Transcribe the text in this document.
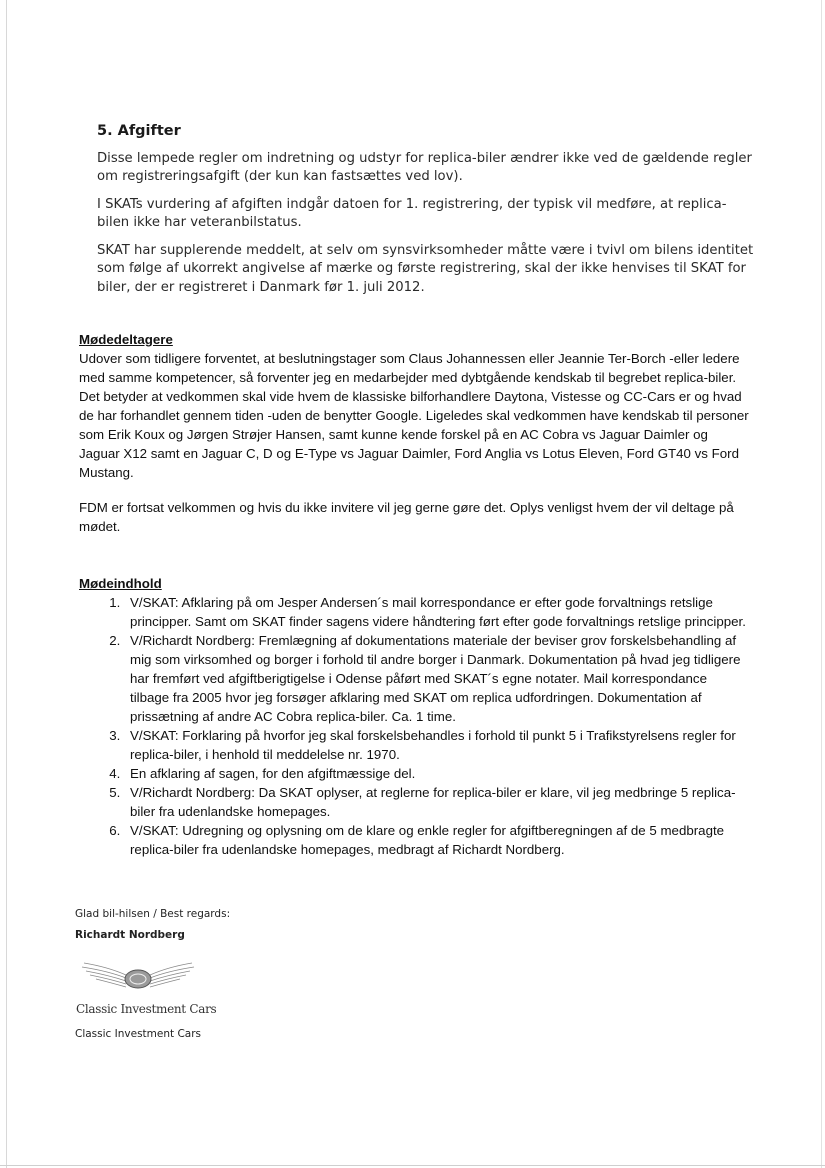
5. Afgifter

Disse lempede regler om indretning og udstyr for replica-biler ændrer ikke ved de gældende regler om registreringsafgift (der kun kan fastsættes ved lov).

I SKATs vurdering af afgiften indgår datoen for 1. registrering, der typisk vil medføre, at replica-bilen ikke har veteranbilstatus.

SKAT har supplerende meddelt, at selv om synsvirksomheder måtte være i tvivl om bilens identitet som følge af ukorrekt angivelse af mærke og første registrering, skal der ikke henvises til SKAT for biler, der er registreret i Danmark før 1. juli 2012.

Mødedeltagere

Udover som tidligere forventet, at beslutningstager som Claus Johannessen eller Jeannie Ter-Borch -eller ledere med samme kompetencer, så forventer jeg en medarbejder med dybtgående kendskab til begrebet replica-biler. Det betyder at vedkommen skal vide hvem de klassiske bilforhandlere Daytona, Vistesse og CC-Cars er og hvad de har forhandlet gennem tiden -uden de benytter Google. Ligeledes skal vedkommen have kendskab til personer som Erik Koux og Jørgen Strøjer Hansen, samt kunne kende forskel på en AC Cobra vs Jaguar Daimler og Jaguar X12 samt en Jaguar C, D og E-Type vs Jaguar Daimler, Ford Anglia vs Lotus Eleven, Ford GT40 vs Ford Mustang.

FDM er fortsat velkommen og hvis du ikke invitere vil jeg gerne gøre det. Oplys venligst hvem der vil deltage på mødet.

Mødeindhold
1. V/SKAT: Afklaring på om Jesper Andersen´s mail korrespondance er efter gode forvaltnings retslige principper. Samt om SKAT finder sagens videre håndtering ført efter gode forvaltnings retslige principper.
2. V/Richardt Nordberg: Fremlægning af dokumentations materiale der beviser grov forskelsbehandling af mig som virksomhed og borger i forhold til andre borger i Danmark. Dokumentation på hvad jeg tidligere har fremført ved afgiftberigtigelse i Odense påført med SKAT´s egne notater. Mail korrespondance tilbage fra 2005 hvor jeg forsøger afklaring med SKAT om replica udfordringen. Dokumentation af prissætning af andre AC Cobra replica-biler. Ca. 1 time.
3. V/SKAT: Forklaring på hvorfor jeg skal forskelsbehandles i forhold til punkt 5 i Trafikstyrelsens regler for replica-biler, i henhold til meddelelse nr. 1970.
4. En afklaring af sagen, for den afgiftmæssige del.
5. V/Richardt Nordberg: Da SKAT oplyser, at reglerne for replica-biler er klare, vil jeg medbringe 5 replica-biler fra udenlandske homepages.
6. V/SKAT: Udregning og oplysning om de klare og enkle regler for afgiftberegningen af de 5 medbragte replica-biler fra udenlandske homepages, medbragt af Richardt Nordberg.
Glad bil-hilsen / Best regards:
Richardt Nordberg
Classic Investment Cars
Classic Investment Cars
